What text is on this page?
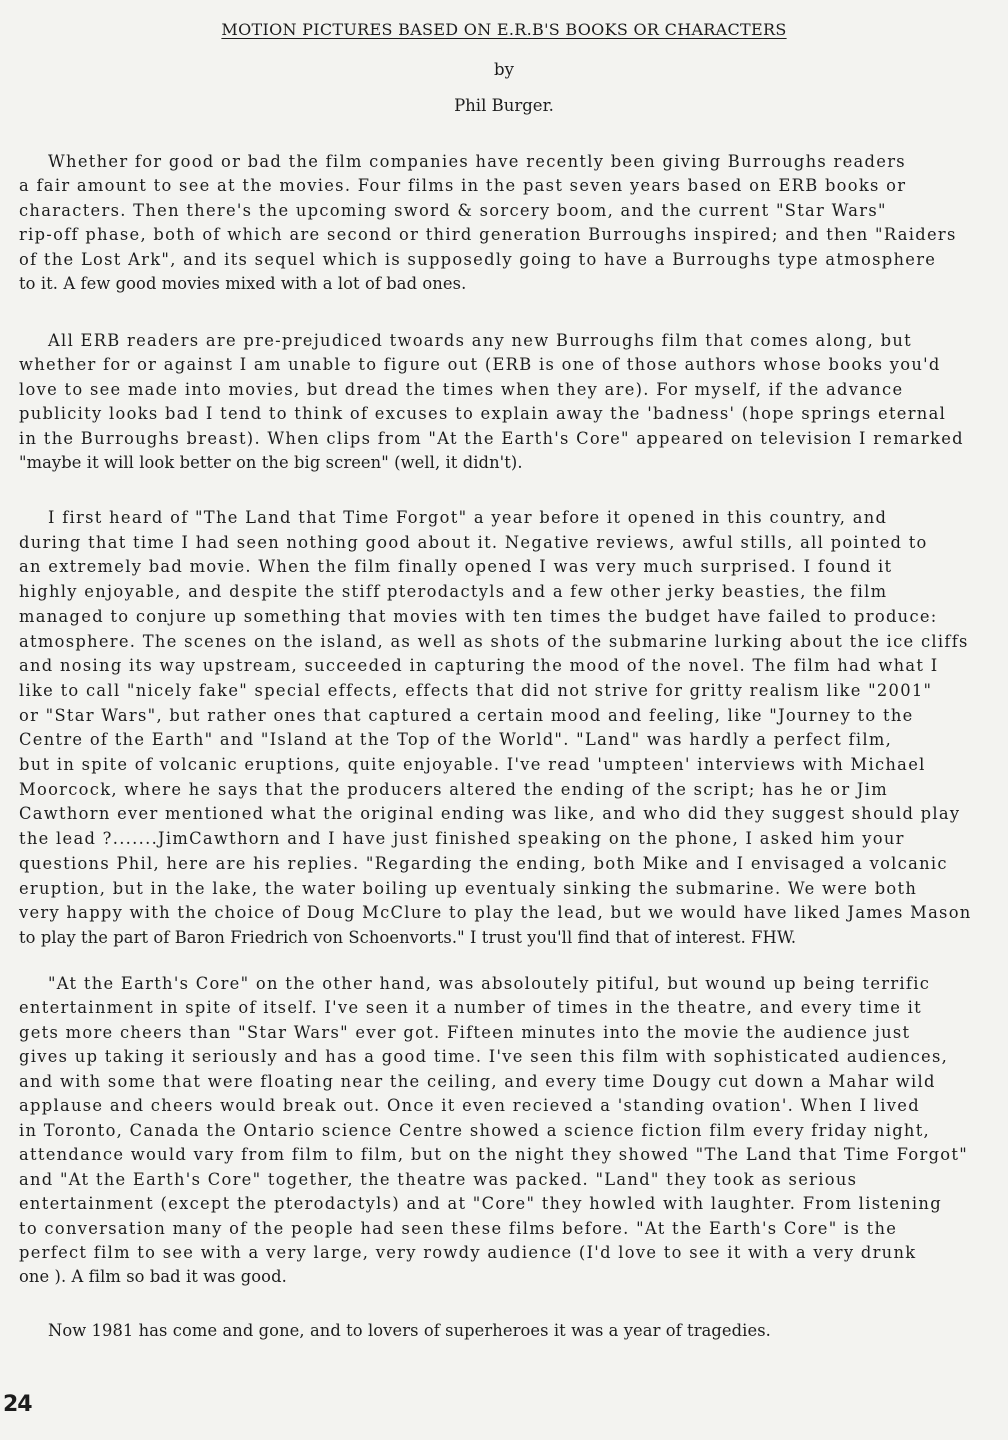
MOTION PICTURES BASED ON E.R.B'S BOOKS OR CHARACTERS
by
Phil Burger.
Whether for good or bad the film companies have recently been giving Burroughs readers
a fair amount to see at the movies. Four films in the past seven years based on ERB books or
characters. Then there's the upcoming sword & sorcery boom, and the current "Star Wars"
rip-off phase, both of which are second or third generation Burroughs inspired; and then "Raiders
of the Lost Ark", and its sequel which is supposedly going to have a Burroughs type atmosphere
to it. A few good movies mixed with a lot of bad ones.
All ERB readers are pre-prejudiced twoards any new Burroughs film that comes along, but
whether for or against I am unable to figure out (ERB is one of those authors whose books you'd
love to see made into movies, but dread the times when they are). For myself, if the advance
publicity looks bad I tend to think of excuses to explain away the 'badness' (hope springs eternal
in the Burroughs breast). When clips from "At the Earth's Core" appeared on television I remarked
"maybe it will look better on the big screen" (well, it didn't).
I first heard of "The Land that Time Forgot" a year before it opened in this country, and
during that time I had seen nothing good about it. Negative reviews, awful stills, all pointed to
an extremely bad movie. When the film finally opened I was very much surprised. I found it
highly enjoyable, and despite the stiff pterodactyls and a few other jerky beasties, the film
managed to conjure up something that movies with ten times the budget have failed to produce:
atmosphere. The scenes on the island, as well as shots of the submarine lurking about the ice cliffs
and nosing its way upstream, succeeded in capturing the mood of the novel. The film had what I
like to call "nicely fake" special effects, effects that did not strive for gritty realism like "2001"
or "Star Wars", but rather ones that captured a certain mood and feeling, like "Journey to the
Centre of the Earth" and "Island at the Top of the World". "Land" was hardly a perfect film,
but in spite of volcanic eruptions, quite enjoyable. I've read 'umpteen' interviews with Michael
Moorcock, where he says that the producers altered the ending of the script; has he or Jim
Cawthorn ever mentioned what the original ending was like, and who did they suggest should play
the lead ?.......JimCawthorn and I have just finished speaking on the phone, I asked him your
questions Phil, here are his replies. "Regarding the ending, both Mike and I envisaged a volcanic
eruption, but in the lake, the water boiling up eventualy sinking the submarine. We were both
very happy with the choice of Doug McClure to play the lead, but we would have liked James Mason
to play the part of Baron Friedrich von Schoenvorts." I trust you'll find that of interest. FHW.
"At the Earth's Core" on the other hand, was absoloutely pitiful, but wound up being terrific
entertainment in spite of itself. I've seen it a number of times in the theatre, and every time it
gets more cheers than "Star Wars" ever got. Fifteen minutes into the movie the audience just
gives up taking it seriously and has a good time. I've seen this film with sophisticated audiences,
and with some that were floating near the ceiling, and every time Dougy cut down a Mahar wild
applause and cheers would break out. Once it even recieved a 'standing ovation'. When I lived
in Toronto, Canada the Ontario science Centre showed a science fiction film every friday night,
attendance would vary from film to film, but on the night they showed "The Land that Time Forgot"
and "At the Earth's Core" together, the theatre was packed. "Land" they took as serious
entertainment (except the pterodactyls) and at "Core" they howled with laughter. From listening
to conversation many of the people had seen these films before. "At the Earth's Core" is the
perfect film to see with a very large, very rowdy audience (I'd love to see it with a very drunk
one ). A film so bad it was good.
Now 1981 has come and gone, and to lovers of superheroes it was a year of tragedies.
24
